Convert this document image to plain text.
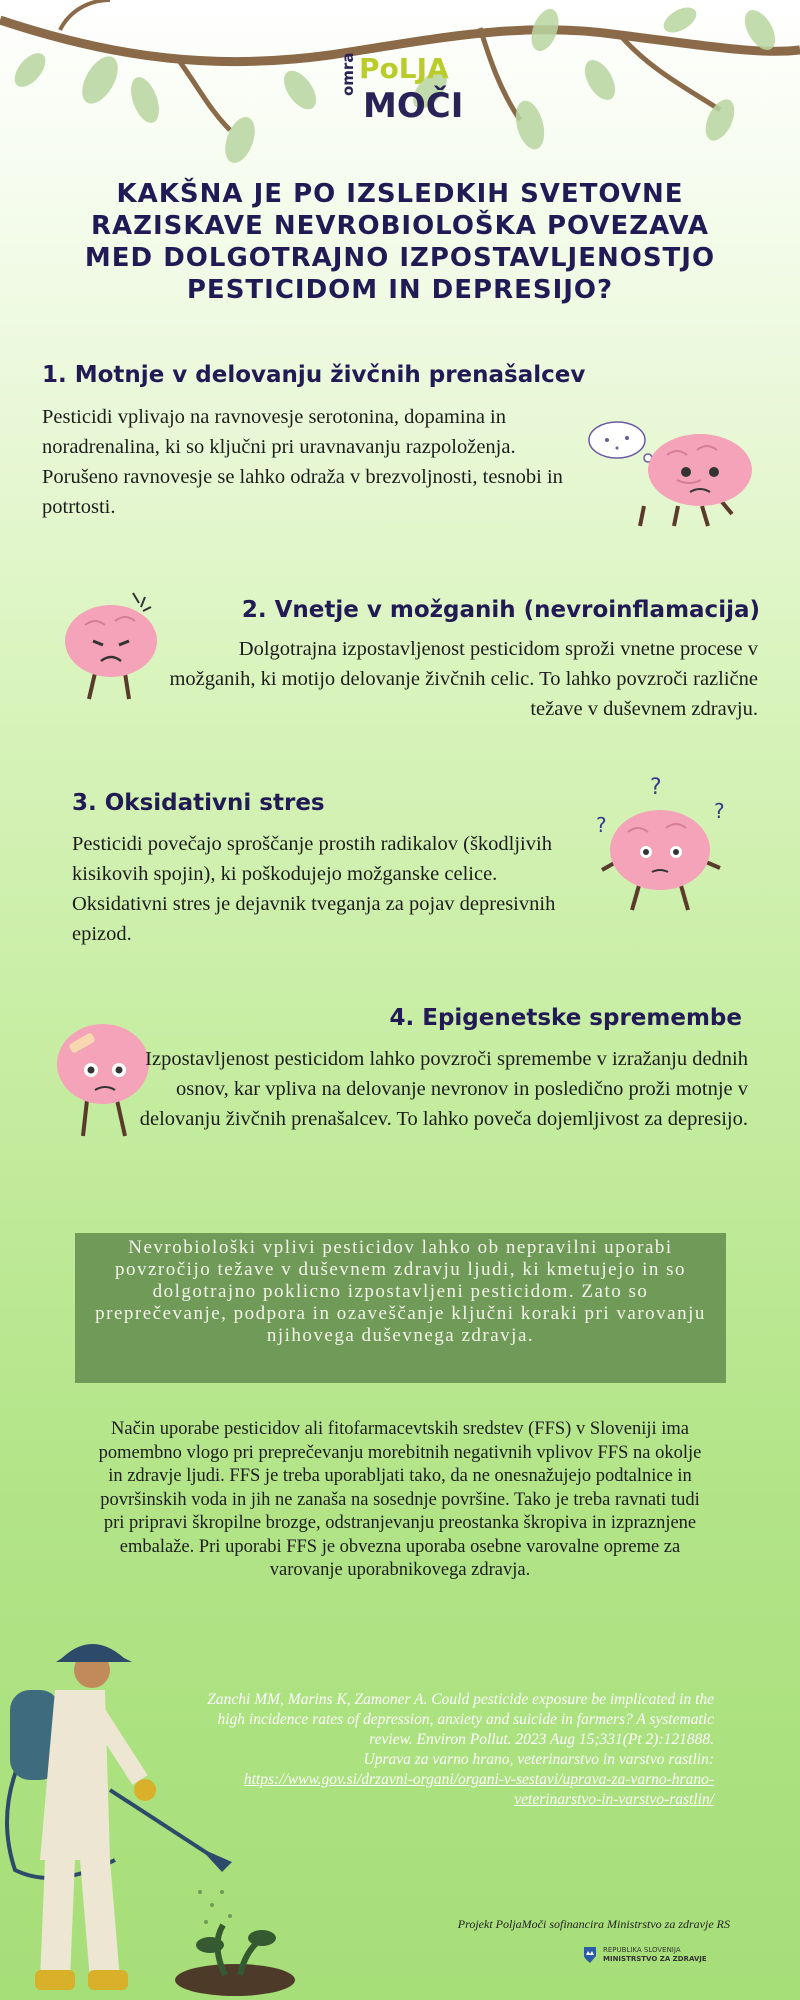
omra PoLJA
MOČI
KAKŠNA JE PO IZSLEDKIH SVETOVNE RAZISKAVE NEVROBIOLOŠKA POVEZAVA MED DOLGOTRAJNO IZPOSTAVLJENOSTJO PESTICIDOM IN DEPRESIJO?
1. Motnje v delovanju živčnih prenašalcev
Pesticidi vplivajo na ravnovesje serotonina, dopamina in noradrenalina, ki so ključni pri uravnavanju razpoloženja. Porušeno ravnovesje se lahko odraža v brezvoljnosti, tesnobi in potrtosti.
2. Vnetje v možganih (nevroinflamacija)
Dolgotrajna izpostavljenost pesticidom sproži vnetne procese v možganih, ki motijo delovanje živčnih celic. To lahko povzroči različne težave v duševnem zdravju.
3. Oksidativni stres
Pesticidi povečajo sproščanje prostih radikalov (škodljivih kisikovih spojin), ki poškodujejo možganske celice. Oksidativni stres je dejavnik tveganja za pojav depresivnih epizod.
?
?
?
4. Epigenetske spremembe
Izpostavljenost pesticidom lahko povzroči spremembe v izražanju dednih osnov, kar vpliva na delovanje nevronov in posledično proži motnje v delovanju živčnih prenašalcev. To lahko poveča dojemljivost za depresijo.
Nevrobiološki vplivi pesticidov lahko ob nepravilni uporabi povzročijo težave v duševnem zdravju ljudi, ki kmetujejo in so dolgotrajno poklicno izpostavljeni pesticidom. Zato so preprečevanje, podpora in ozaveščanje ključni koraki pri varovanju njihovega duševnega zdravja.
Način uporabe pesticidov ali fitofarmacevtskih sredstev (FFS) v Sloveniji ima pomembno vlogo pri preprečevanju morebitnih negativnih vplivov FFS na okolje in zdravje ljudi. FFS je treba uporabljati tako, da ne onesnažujejo podtalnice in površinskih voda in jih ne zanaša na sosednje površine. Tako je treba ravnati tudi pri pripravi škropilne brozge, odstranjevanju preostanka škropiva in izpraznjene embalaže. Pri uporabi FFS je obvezna uporaba osebne varovalne opreme za varovanje uporabnikovega zdravja.
Zanchi MM, Marins K, Zamoner A. Could pesticide exposure be implicated in the high incidence rates of depression, anxiety and suicide in farmers? A systematic review. Environ Pollut. 2023 Aug 15;331(Pt 2):121888.
Uprava za varno hrano, veterinarstvo in varstvo rastlin:
https://www.gov.si/drzavni-organi/organi-v-sestavi/uprava-za-varno-hrano-veterinarstvo-in-varstvo-rastlin/
Projekt PoljaMoči sofinancira Ministrstvo za zdravje RS
REPUBLIKA SLOVENIJA
MINISTRSTVO ZA ZDRAVJE
